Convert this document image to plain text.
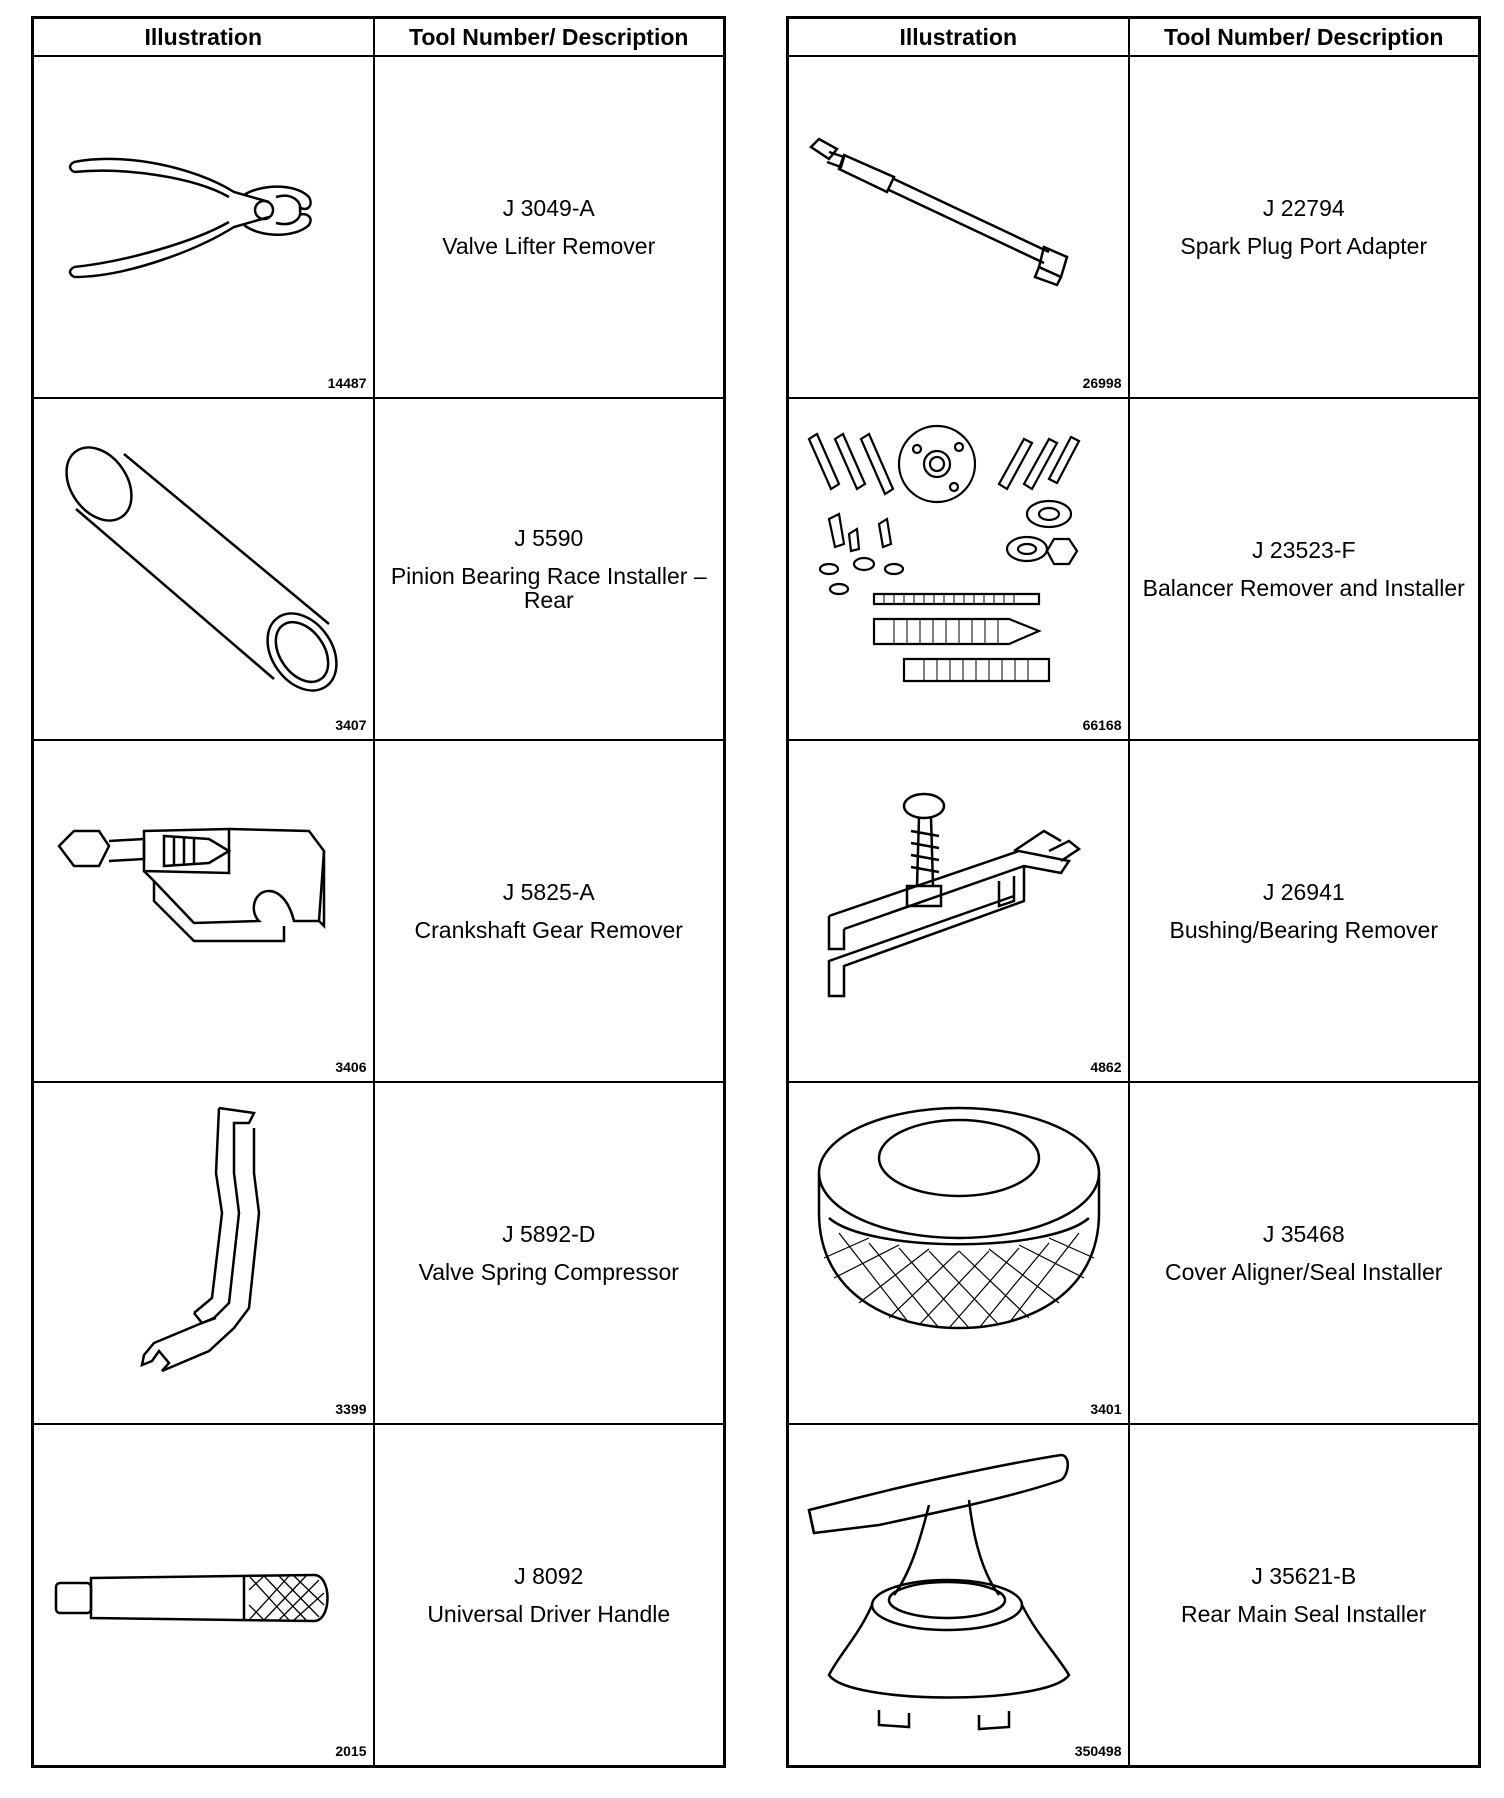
Illustration	Tool Number/ Description

14487	J 3049-A
Valve Lifter Remover

3407	J 5590
Pinion Bearing Race Installer – Rear

3406	J 5825-A
Crankshaft Gear Remover

3399	J 5892-D
Valve Spring Compressor

2015	J 8092
Universal Driver Handle
Illustration	Tool Number/ Description

26998	J 22794
Spark Plug Port Adapter

66168	J 23523-F
Balancer Remover and Installer

4862	J 26941
Bushing/Bearing Remover

3401	J 35468
Cover Aligner/Seal Installer

350498	J 35621-B
Rear Main Seal Installer
